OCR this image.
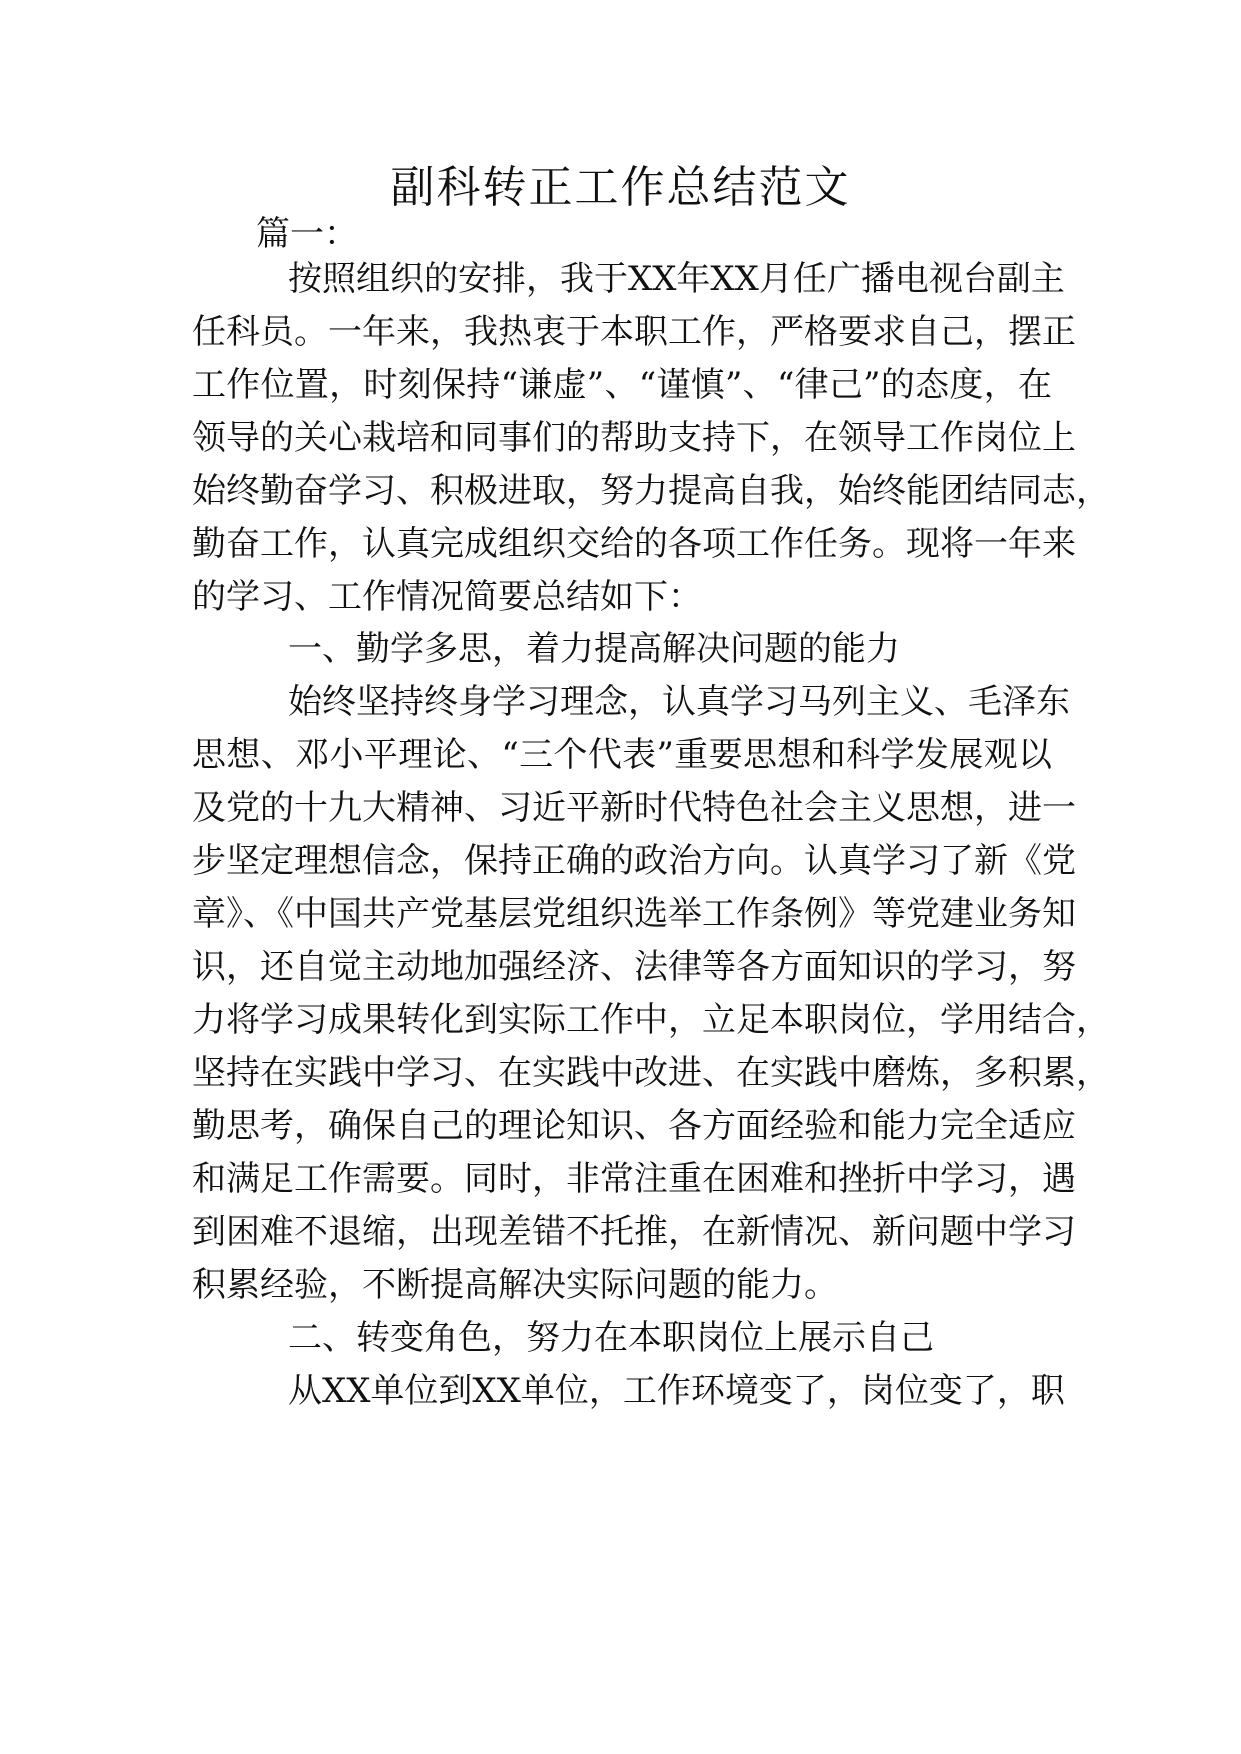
副科转正工作总结范文

篇一：

按照组织的安排，我于XX年XX月任广播电视台副主

任科员。一年来，我热衷于本职工作，严格要求自己，摆正

工作位置，时刻保持“谦虚”、“谨慎”、“律己”的态度，在

领导的关心栽培和同事们的帮助支持下，在领导工作岗位上

始终勤奋学习、积极进取，努力提高自我，始终能团结同志，

勤奋工作，认真完成组织交给的各项工作任务。现将一年来

的学习、工作情况简要总结如下：

一、勤学多思，着力提高解决问题的能力

始终坚持终身学习理念，认真学习马列主义、毛泽东

思想、邓小平理论、“三个代表”重要思想和科学发展观以

及党的十九大精神、习近平新时代特色社会主义思想，进一

步坚定理想信念，保持正确的政治方向。认真学习了新《党

章》、《中国共产党基层党组织选举工作条例》等党建业务知

识，还自觉主动地加强经济、法律等各方面知识的学习，努

力将学习成果转化到实际工作中，立足本职岗位，学用结合，

坚持在实践中学习、在实践中改进、在实践中磨炼，多积累，

勤思考，确保自己的理论知识、各方面经验和能力完全适应

和满足工作需要。同时，非常注重在困难和挫折中学习，遇

到困难不退缩，出现差错不托推，在新情况、新问题中学习

积累经验，不断提高解决实际问题的能力。

二、转变角色，努力在本职岗位上展示自己

从XX单位到XX单位，工作环境变了，岗位变了，职
